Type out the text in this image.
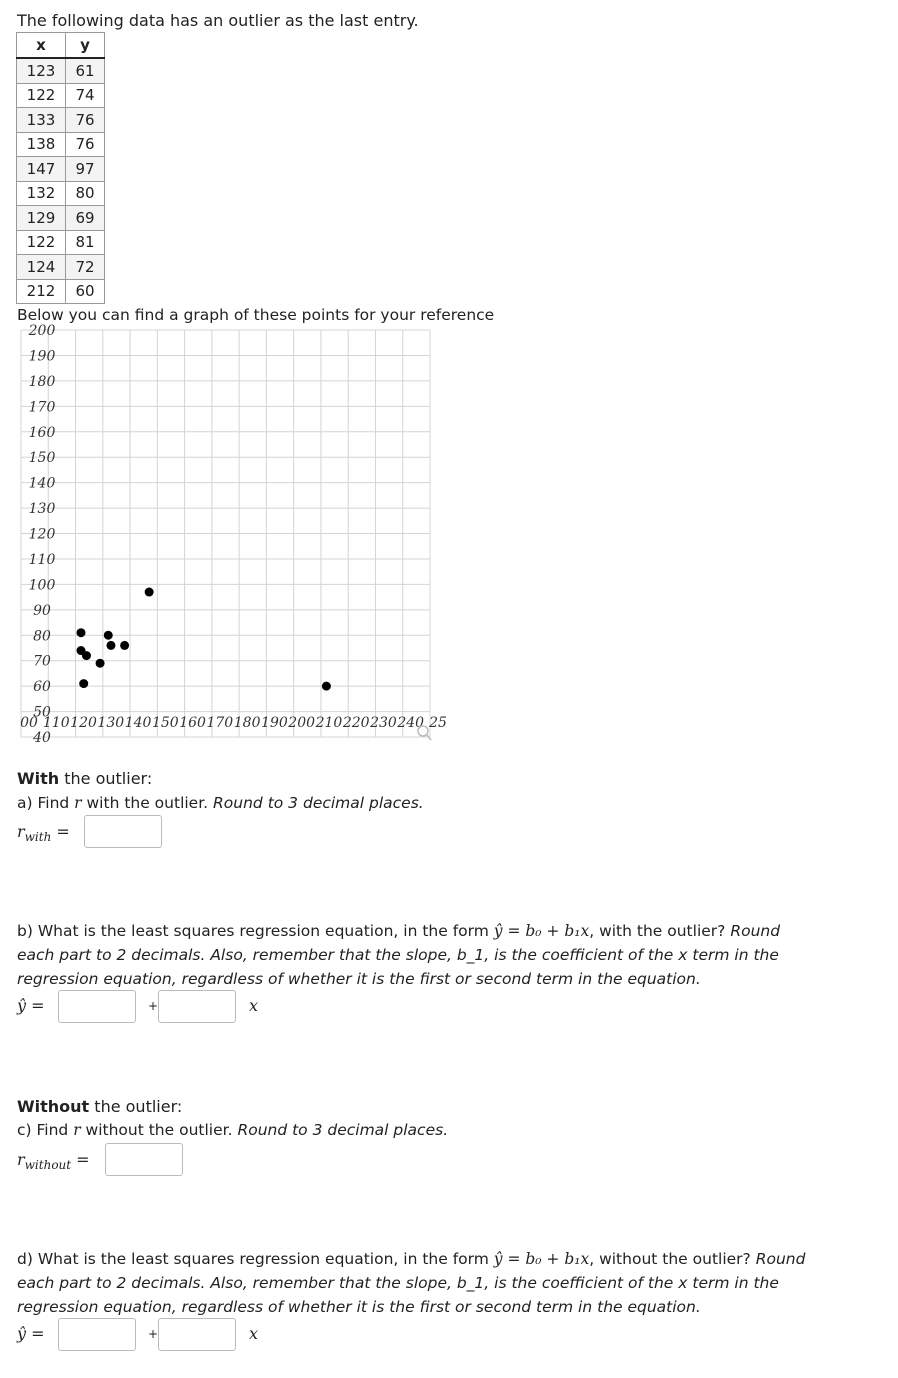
The following data has an outlier as the last entry.
x	y
123	61
122	74
133	76
138	76
147	97
132	80
129	69
122	81
124	72
212	60
Below you can find a graph of these points for your reference
200
190
180
170
160
150
140
130
120
110
100
90
80
70
60
50
40
00 110 120 130 140 150 160 170 180 190 200 210 220 230 240 25
With the outlier:
a) Find r with the outlier. Round to 3 decimal places.
$r_{with}$ =
b) What is the least squares regression equation, in the form ŷ = b₀ + b₁x, with the outlier? Round each part to 2 decimals. Also, remember that the slope, b_1, is the coefficient of the x term in the regression equation, regardless of whether it is the first or second term in the equation.
ŷ =	+	x
Without the outlier:
c) Find r without the outlier. Round to 3 decimal places.
$r_{without}$ =
d) What is the least squares regression equation, in the form ŷ = b₀ + b₁x, without the outlier? Round each part to 2 decimals. Also, remember that the slope, b_1, is the coefficient of the x term in the regression equation, regardless of whether it is the first or second term in the equation.
ŷ =	+	x
